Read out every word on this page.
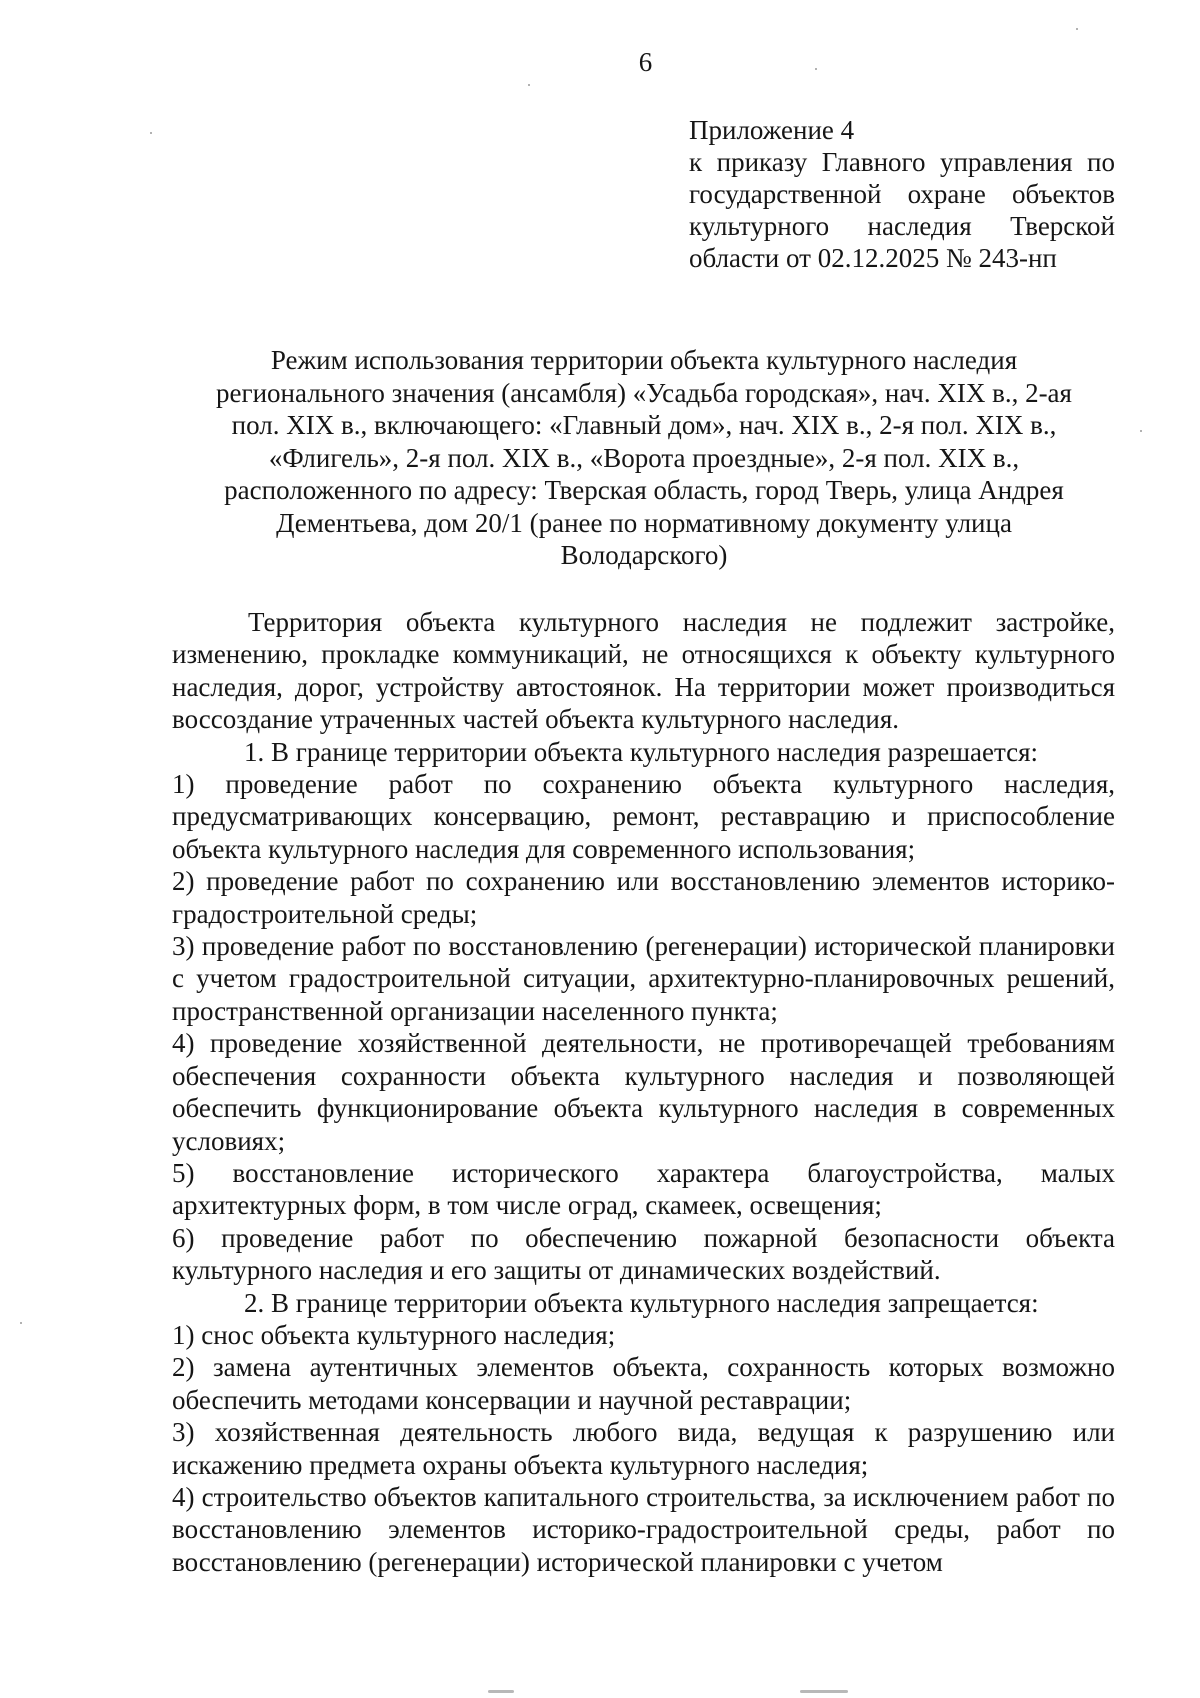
6
Приложение 4
к приказу Главного управления по
государственной охране объектов
культурного наследия Тверской
области от 02.12.2025 № 243-нп
Режим использования территории объекта культурного наследия
регионального значения (ансамбля) «Усадьба городская», нач. XIX в., 2-ая
пол. XIX в., включающего: «Главный дом», нач. XIX в., 2-я пол. XIX в.,
«Флигель», 2-я пол. XIX в., «Ворота проездные», 2-я пол. XIX в.,
расположенного по адресу: Тверская область, город Тверь, улица Андрея
Дементьева, дом 20/1 (ранее по нормативному документу улица
Володарского)

Территория объекта культурного наследия не подлежит застройке, изменению, прокладке коммуникаций, не относящихся к объекту культурного наследия, дорог, устройству автостоянок. На территории может производиться воссоздание утраченных частей объекта культурного наследия.

1. В границе территории объекта культурного наследия разрешается:

1) проведение работ по сохранению объекта культурного наследия, предусматривающих консервацию, ремонт, реставрацию и приспособление объекта культурного наследия для современного использования;

2) проведение работ по сохранению или восстановлению элементов историко-градостроительной среды;

3) проведение работ по восстановлению (регенерации) исторической планировки с учетом градостроительной ситуации, архитектурно-планировочных решений, пространственной организации населенного пункта;

4) проведение хозяйственной деятельности, не противоречащей требованиям обеспечения сохранности объекта культурного наследия и позволяющей обеспечить функционирование объекта культурного наследия в современных условиях;

5) восстановление исторического характера благоустройства, малых архитектурных форм, в том числе оград, скамеек, освещения;

6) проведение работ по обеспечению пожарной безопасности объекта культурного наследия и его защиты от динамических воздействий.

2. В границе территории объекта культурного наследия запрещается:

1) снос объекта культурного наследия;

2) замена аутентичных элементов объекта, сохранность которых возможно обеспечить методами консервации и научной реставрации;

3) хозяйственная деятельность любого вида, ведущая к разрушению или искажению предмета охраны объекта культурного наследия;

4) строительство объектов капитального строительства, за исключением работ по восстановлению элементов историко-градостроительной среды, работ по восстановлению (регенерации) исторической планировки с учетом
